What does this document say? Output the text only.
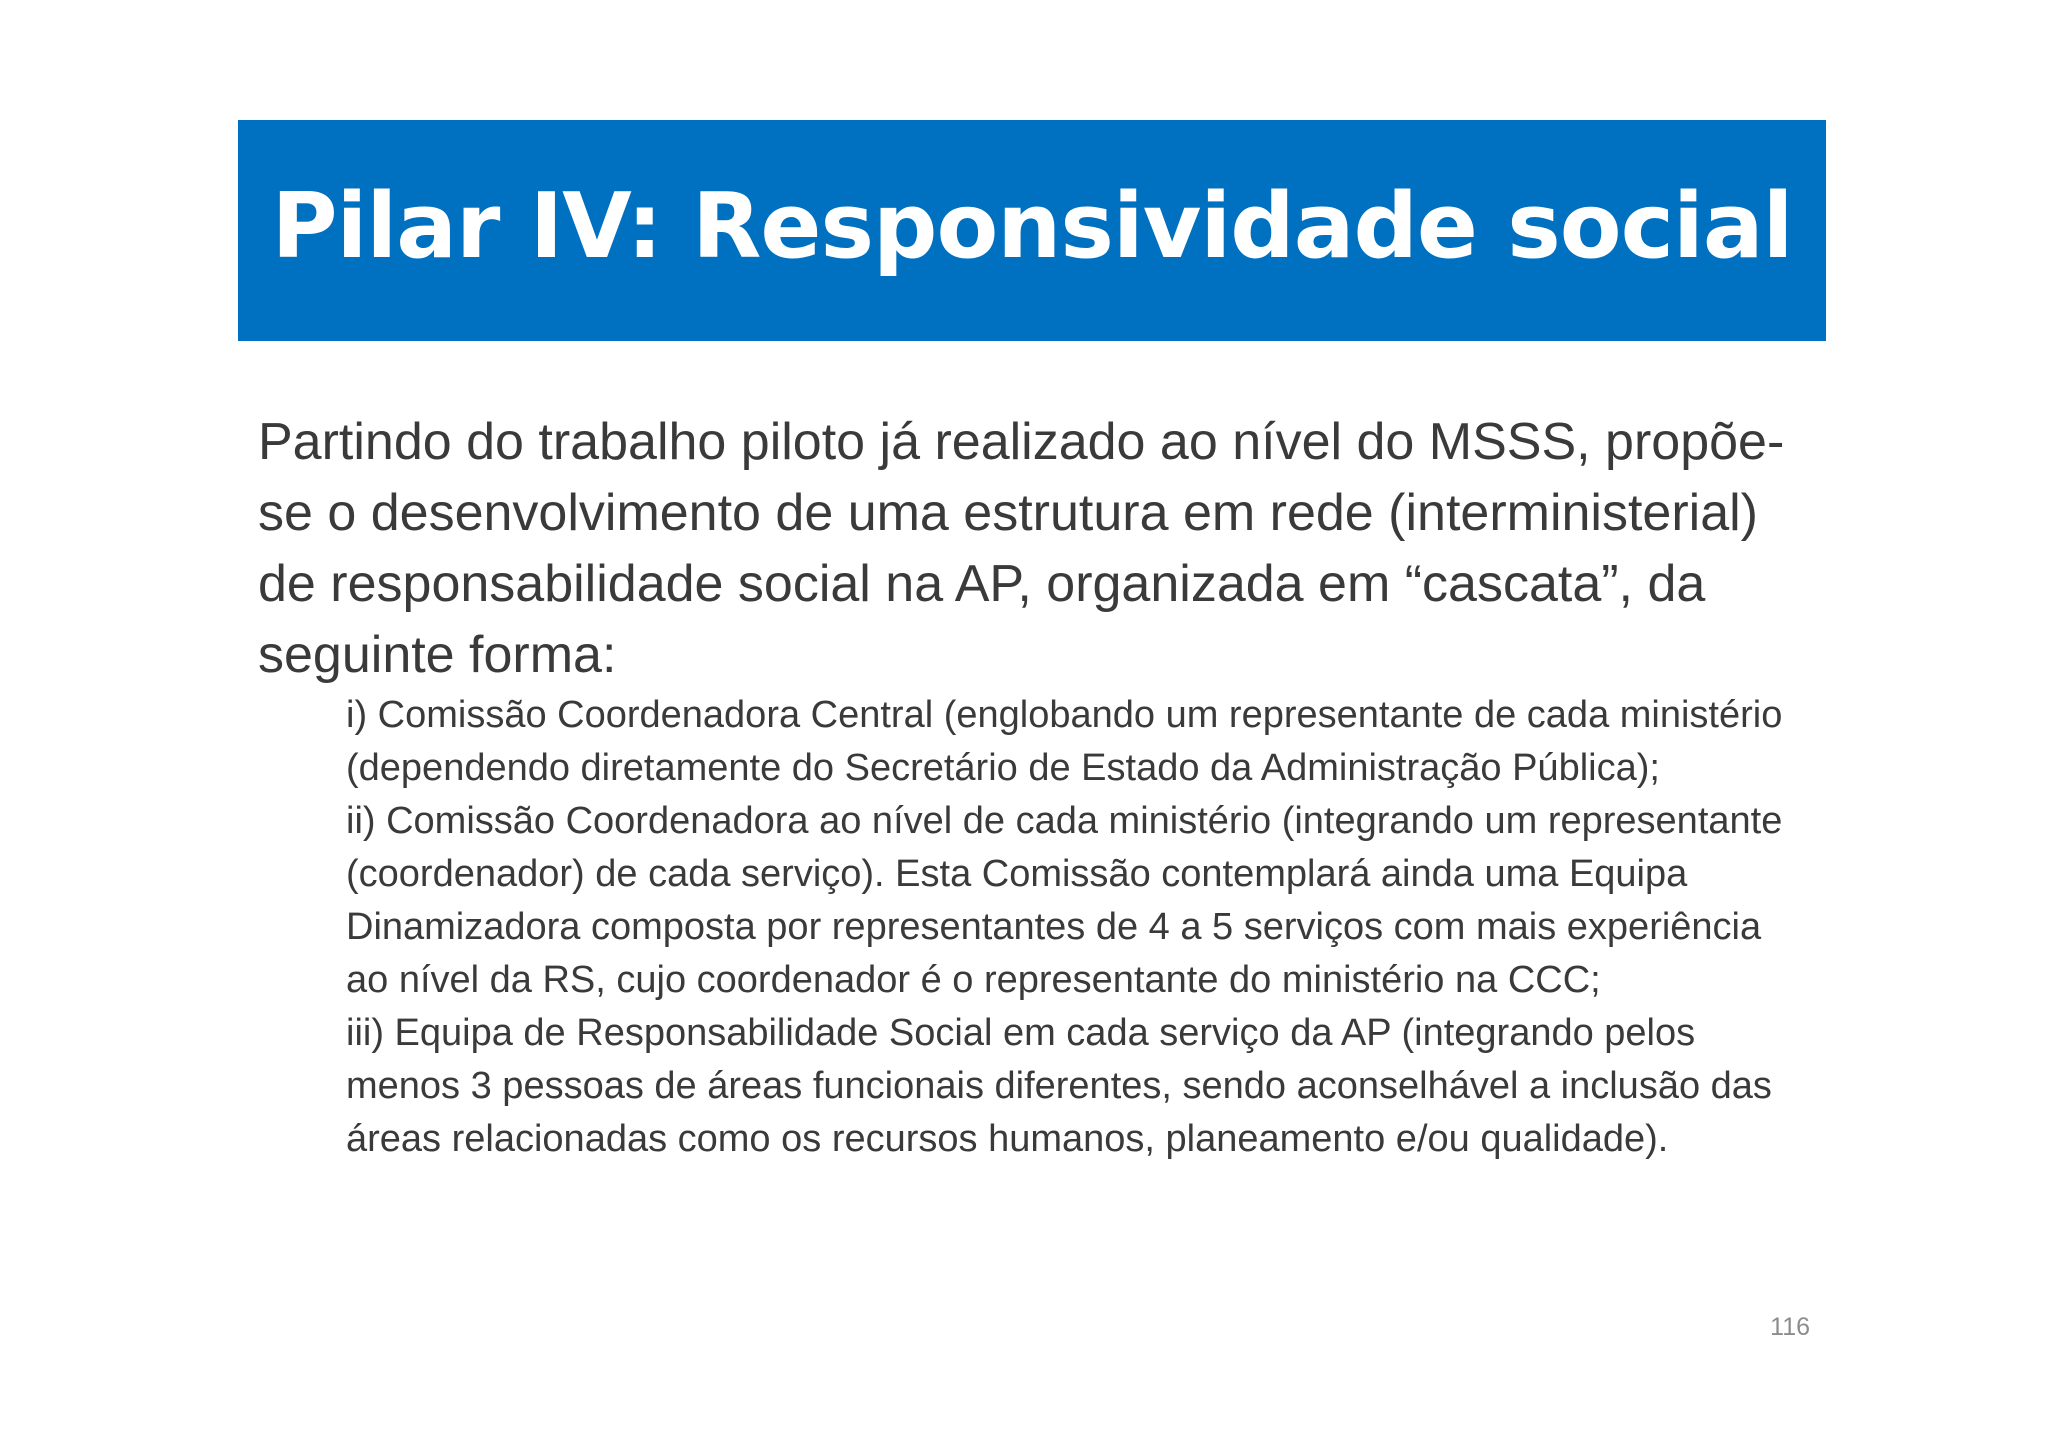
Pilar IV: Responsividade social

Partindo do trabalho piloto já realizado ao nível do MSSS, propõe-se o desenvolvimento de uma estrutura em rede (interministerial) de responsabilidade social na AP, organizada em “cascata”, da seguinte forma:

i) Comissão Coordenadora Central (englobando um representante de cada ministério (dependendo diretamente do Secretário de Estado da Administração Pública);
ii) Comissão Coordenadora ao nível de cada ministério (integrando um representante (coordenador) de cada serviço). Esta Comissão contemplará ainda uma Equipa Dinamizadora composta por representantes de 4 a 5 serviços com mais experiência ao nível da RS, cujo coordenador é o representante do ministério na CCC;
iii) Equipa de Responsabilidade Social em cada serviço da AP (integrando pelos menos 3 pessoas de áreas funcionais diferentes, sendo aconselhável a inclusão das áreas relacionadas como os recursos humanos, planeamento e/ou qualidade).
116
